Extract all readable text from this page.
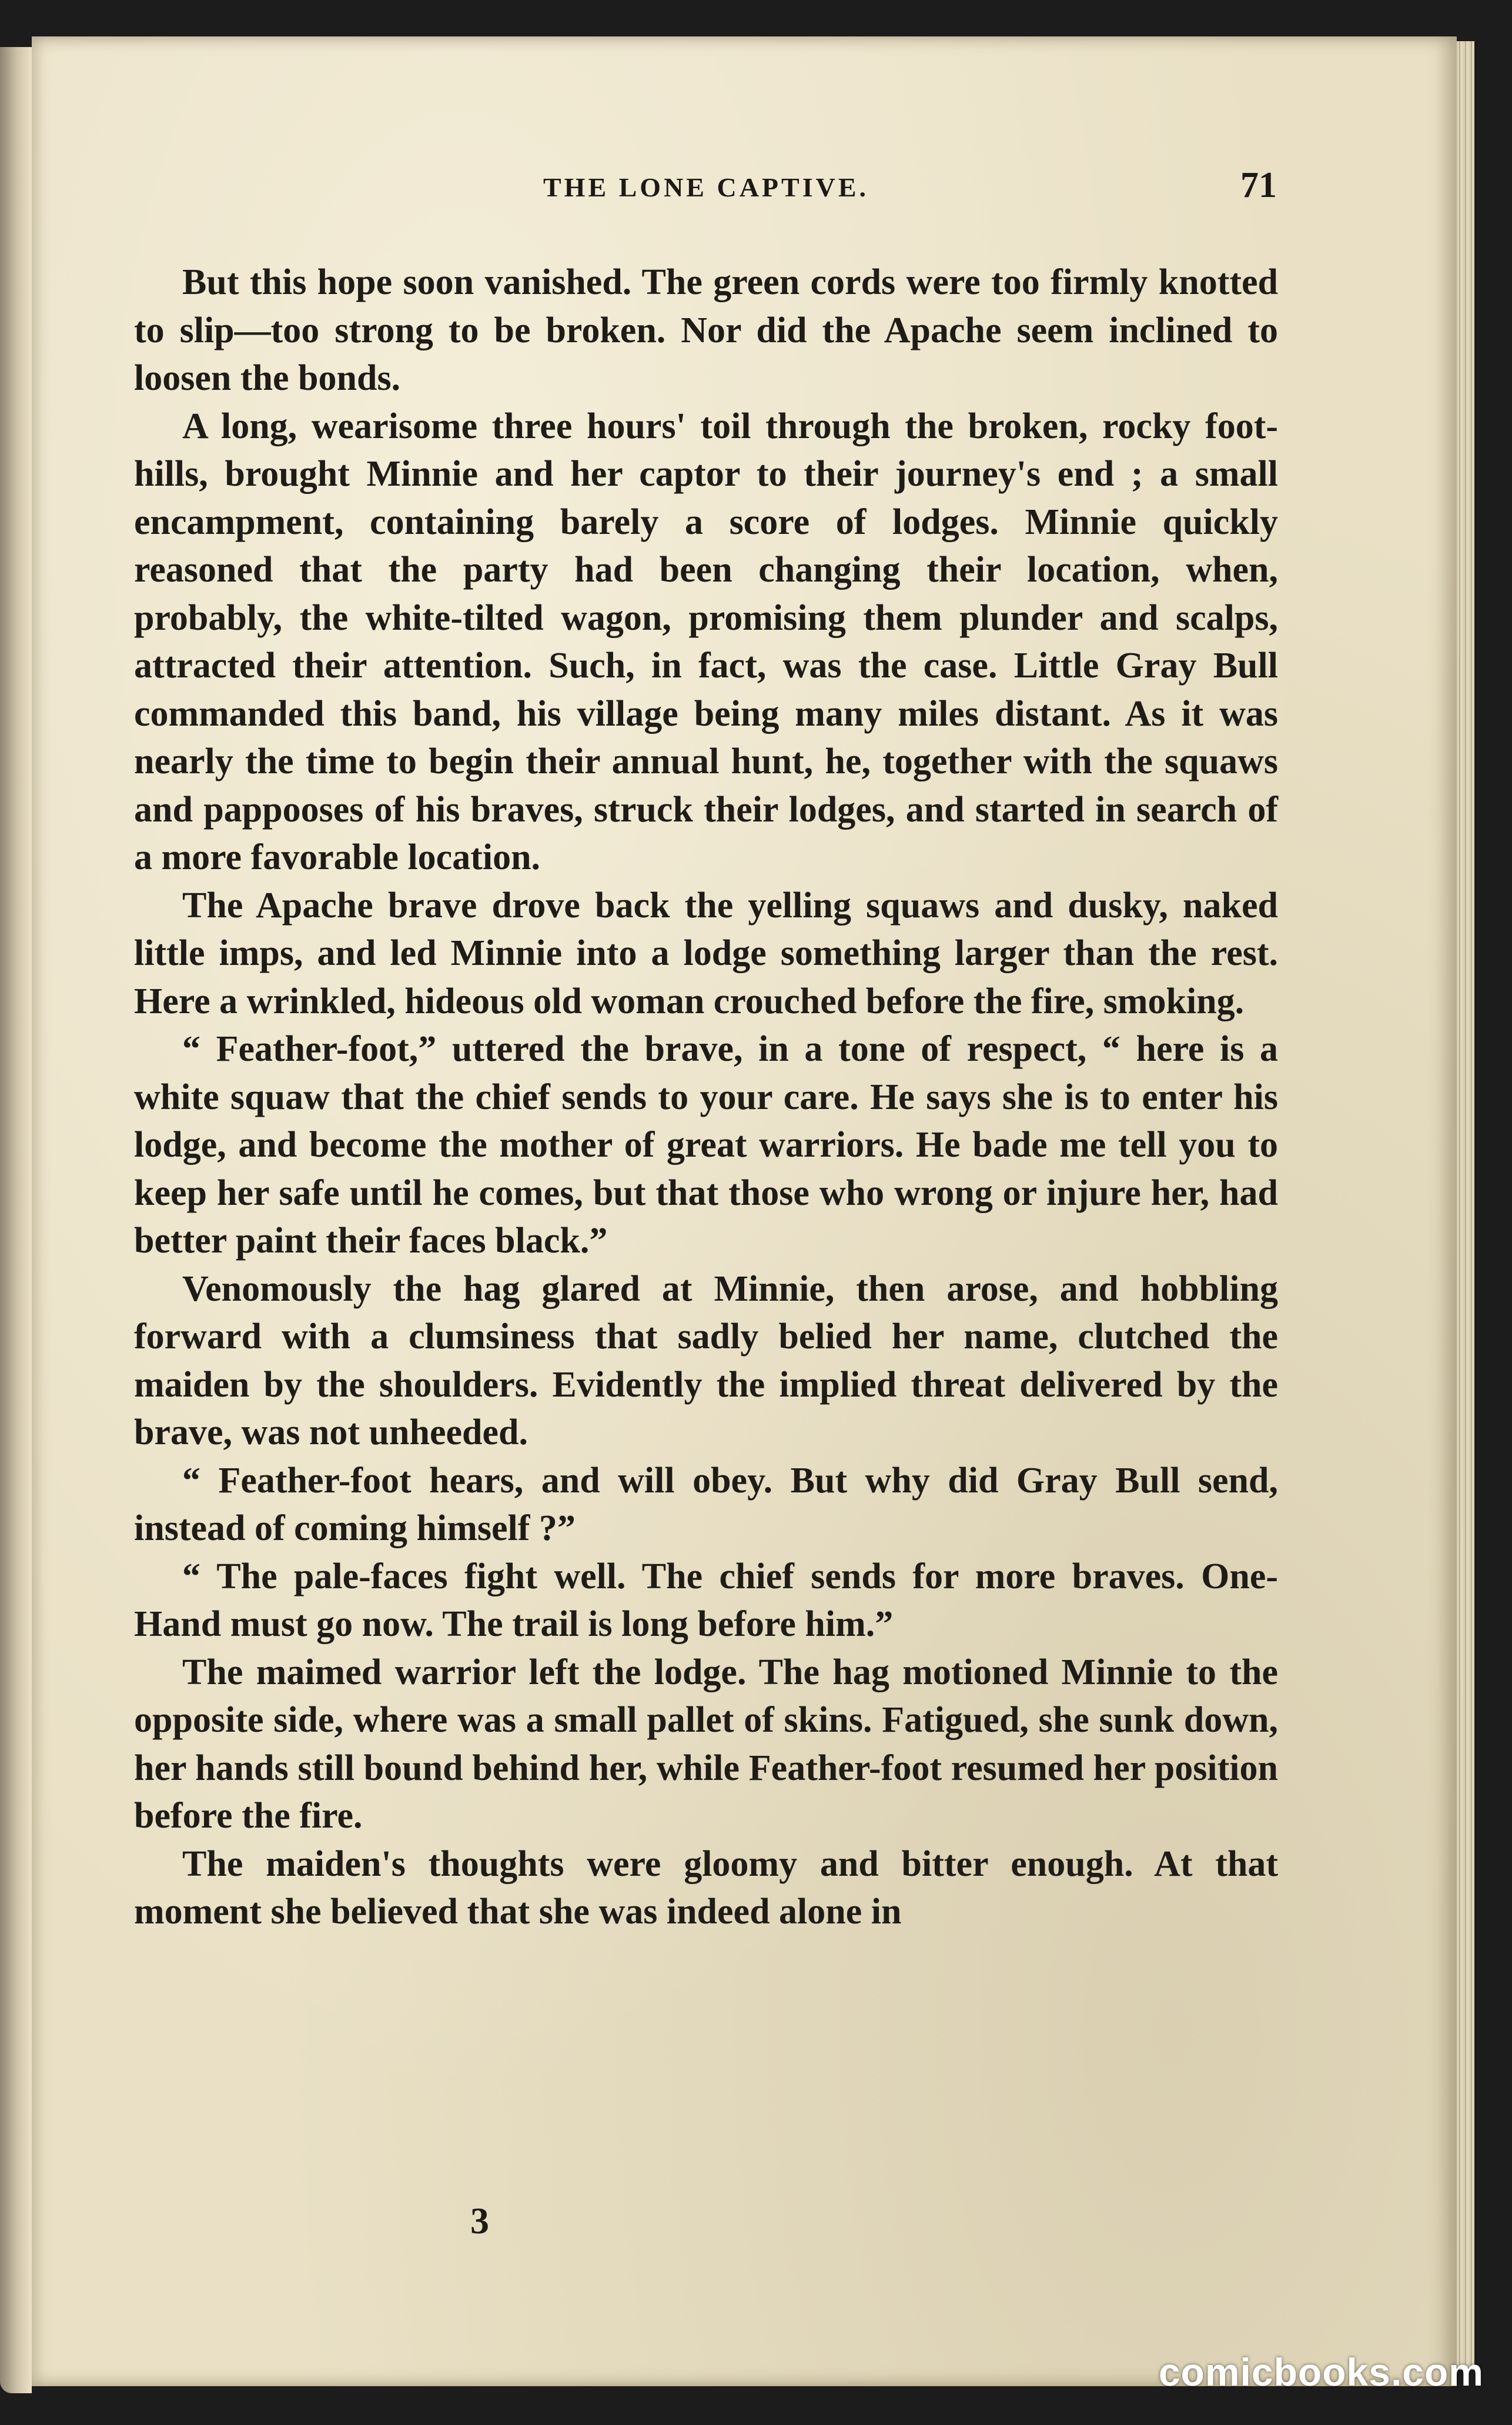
THE LONE CAPTIVE.	71

But this hope soon vanished. The green cords were too firmly knotted to slip—too strong to be broken. Nor did the Apache seem inclined to loosen the bonds.

A long, wearisome three hours' toil through the broken, rocky foot-hills, brought Minnie and her captor to their journey's end ; a small encampment, containing barely a score of lodges. Minnie quickly reasoned that the party had been changing their location, when, probably, the white-tilted wagon, promising them plunder and scalps, attracted their attention. Such, in fact, was the case. Little Gray Bull commanded this band, his village being many miles distant. As it was nearly the time to begin their annual hunt, he, together with the squaws and pappooses of his braves, struck their lodges, and started in search of a more favorable location.

The Apache brave drove back the yelling squaws and dusky, naked little imps, and led Minnie into a lodge something larger than the rest. Here a wrinkled, hideous old woman crouched before the fire, smoking.

“ Feather-foot,” uttered the brave, in a tone of respect, “ here is a white squaw that the chief sends to your care. He says she is to enter his lodge, and become the mother of great warriors. He bade me tell you to keep her safe until he comes, but that those who wrong or injure her, had better paint their faces black.”

Venomously the hag glared at Minnie, then arose, and hobbling forward with a clumsiness that sadly belied her name, clutched the maiden by the shoulders. Evidently the implied threat delivered by the brave, was not unheeded.

“ Feather-foot hears, and will obey. But why did Gray Bull send, instead of coming himself ?”

“ The pale-faces fight well. The chief sends for more braves. One-Hand must go now. The trail is long before him.”

The maimed warrior left the lodge. The hag motioned Minnie to the opposite side, where was a small pallet of skins. Fatigued, she sunk down, her hands still bound behind her, while Feather-foot resumed her position before the fire.

The maiden's thoughts were gloomy and bitter enough. At that moment she believed that she was indeed alone in

3
comicbooks.com
